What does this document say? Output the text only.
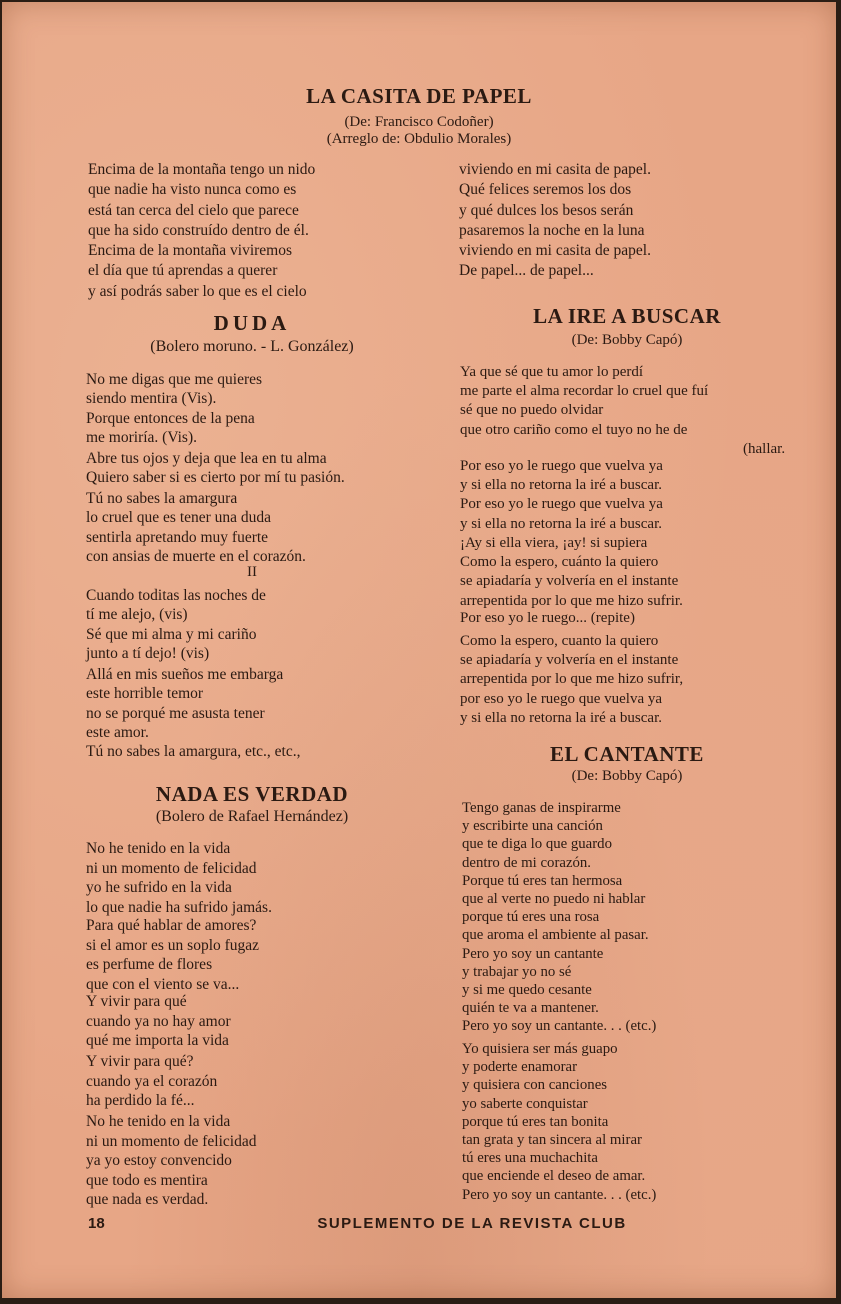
LA CASITA DE PAPEL
(De: Francisco Codoñer)
(Arreglo de: Obdulio Morales)
Encima de la montaña tengo un nido
que nadie ha visto nunca como es
está tan cerca del cielo que parece
que ha sido construído dentro de él.
Encima de la montaña viviremos
el día que tú aprendas a querer
y así podrás saber lo que es el cielo
viviendo en mi casita de papel.
Qué felices seremos los dos
y qué dulces los besos serán
pasaremos la noche en la luna
viviendo en mi casita de papel.
De papel... de papel...
DUDA
(Bolero moruno. - L. González)
No me digas que me quieres
siendo mentira (Vis).
Porque entonces de la pena
me moriría. (Vis).
Abre tus ojos y deja que lea en tu alma
Quiero saber si es cierto por mí tu pasión.
Tú no sabes la amargura
lo cruel que es tener una duda
sentirla apretando muy fuerte
con ansias de muerte en el corazón.
II
Cuando toditas las noches de
tí me alejo, (vis)
Sé que mi alma y mi cariño
junto a tí dejo! (vis)
Allá en mis sueños me embarga
este horrible temor
no se porqué me asusta tener
este amor.
Tú no sabes la amargura, etc., etc.,
NADA ES VERDAD
(Bolero de Rafael Hernández)
No he tenido en la vida
ni un momento de felicidad
yo he sufrido en la vida
lo que nadie ha sufrido jamás.
Para qué hablar de amores?
si el amor es un soplo fugaz
es perfume de flores
que con el viento se va...
Y vivir para qué
cuando ya no hay amor
qué me importa la vida
Y vivir para qué?
cuando ya el corazón
ha perdido la fé...
No he tenido en la vida
ni un momento de felicidad
ya yo estoy convencido
que todo es mentira
que nada es verdad.
LA IRE A BUSCAR
(De: Bobby Capó)
Ya que sé que tu amor lo perdí
me parte el alma recordar lo cruel que fuí
sé que no puedo olvidar
que otro cariño como el tuyo no he de
(hallar.
Por eso yo le ruego que vuelva ya
y si ella no retorna la iré a buscar.
Por eso yo le ruego que vuelva ya
y si ella no retorna la iré a buscar.
¡Ay si ella viera, ¡ay! si supiera
Como la espero, cuánto la quiero
se apiadaría y volvería en el instante
arrepentida por lo que me hizo sufrir.
Por eso yo le ruego... (repite)
Como la espero, cuanto la quiero
se apiadaría y volvería en el instante
arrepentida por lo que me hizo sufrir,
por eso yo le ruego que vuelva ya
y si ella no retorna la iré a buscar.
EL CANTANTE
(De: Bobby Capó)
Tengo ganas de inspirarme
y escribirte una canción
que te diga lo que guardo
dentro de mi corazón.
Porque tú eres tan hermosa
que al verte no puedo ni hablar
porque tú eres una rosa
que aroma el ambiente al pasar.
Pero yo soy un cantante
y trabajar yo no sé
y si me quedo cesante
quién te va a mantener.
Pero yo soy un cantante. . . (etc.)
Yo quisiera ser más guapo
y poderte enamorar
y quisiera con canciones
yo saberte conquistar
porque tú eres tan bonita
tan grata y tan sincera al mirar
tú eres una muchachita
que enciende el deseo de amar.
Pero yo soy un cantante. . . (etc.)
18	SUPLEMENTO DE LA REVISTA CLUB
